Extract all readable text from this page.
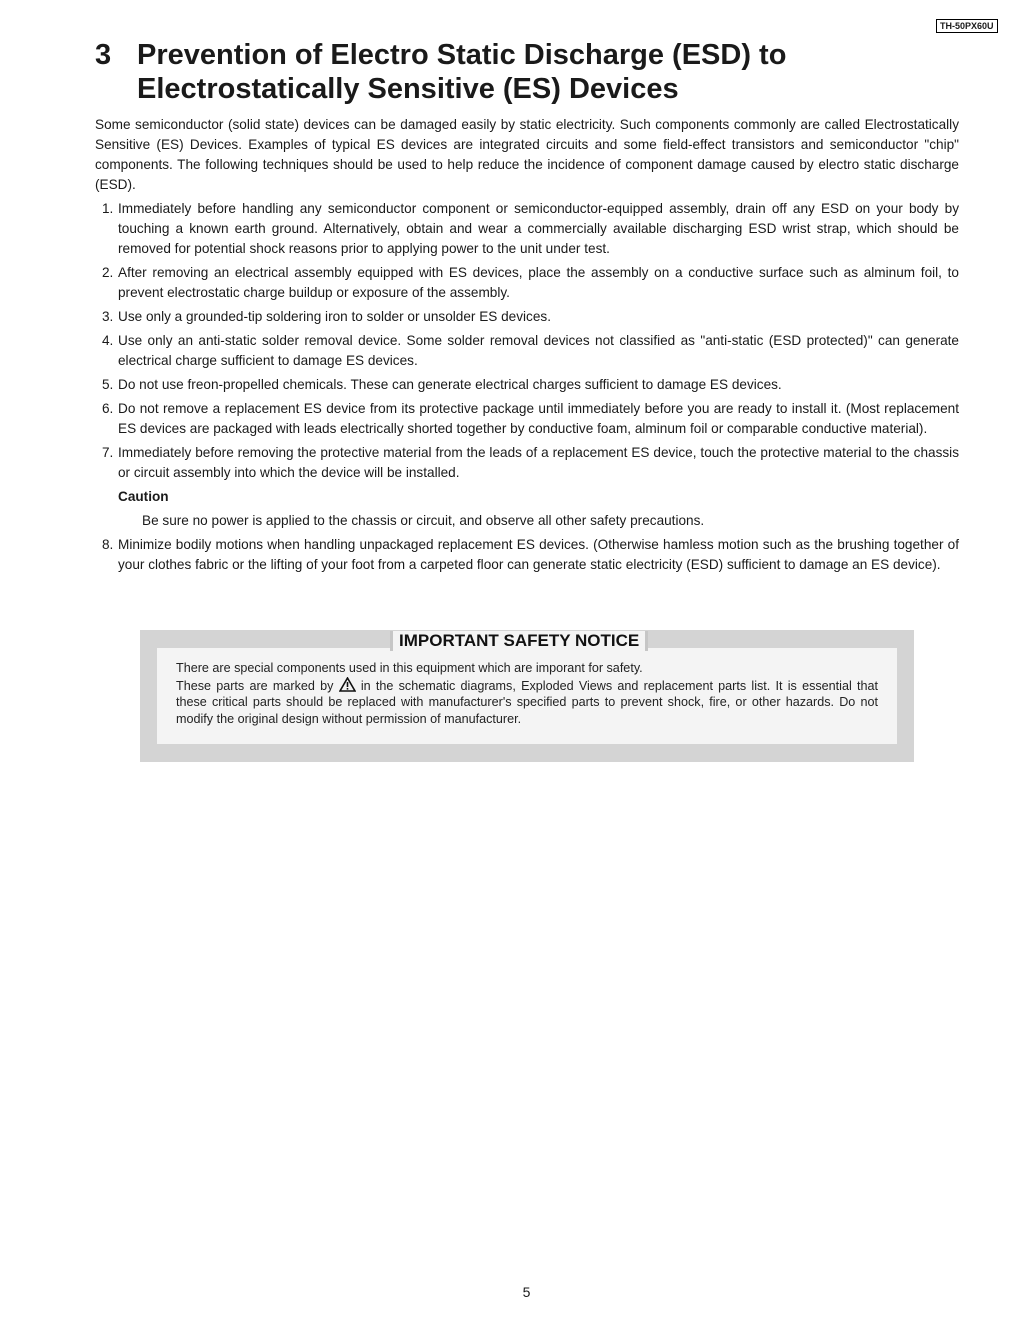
TH-50PX60U
3 Prevention of Electro Static Discharge (ESD) to
Electrostatically Sensitive (ES) Devices

Some semiconductor (solid state) devices can be damaged easily by static electricity. Such components commonly are called Electrostatically Sensitive (ES) Devices. Examples of typical ES devices are integrated circuits and some field-effect transistors and semiconductor "chip" components. The following techniques should be used to help reduce the incidence of component damage caused by electro static discharge (ESD).

1. Immediately before handling any semiconductor component or semiconductor-equipped assembly, drain off any ESD on your body by touching a known earth ground. Alternatively, obtain and wear a commercially available discharging ESD wrist strap, which should be removed for potential shock reasons prior to applying power to the unit under test.
2. After removing an electrical assembly equipped with ES devices, place the assembly on a conductive surface such as alminum foil, to prevent electrostatic charge buildup or exposure of the assembly.
3. Use only a grounded-tip soldering iron to solder or unsolder ES devices.
4. Use only an anti-static solder removal device. Some solder removal devices not classified as "anti-static (ESD protected)" can generate electrical charge sufficient to damage ES devices.
5. Do not use freon-propelled chemicals. These can generate electrical charges sufficient to damage ES devices.
6. Do not remove a replacement ES device from its protective package until immediately before you are ready to install it. (Most replacement ES devices are packaged with leads electrically shorted together by conductive foam, alminum foil or comparable conductive material).
7. Immediately before removing the protective material from the leads of a replacement ES device, touch the protective material to the chassis or circuit assembly into which the device will be installed.
Caution
Be sure no power is applied to the chassis or circuit, and observe all other safety precautions.
8. Minimize bodily motions when handling unpackaged replacement ES devices. (Otherwise hamless motion such as the brushing together of your clothes fabric or the lifting of your foot from a carpeted floor can generate static electricity (ESD) sufficient to damage an ES device).
IMPORTANT SAFETY NOTICE
There are special components used in this equipment which are imporant for safety.
These parts are marked by in the schematic diagrams, Exploded Views and replacement parts list. It is essential that these critical parts should be replaced with manufacturer's specified parts to prevent shock, fire, or other hazards. Do not modify the original design without permission of manufacturer.
5
